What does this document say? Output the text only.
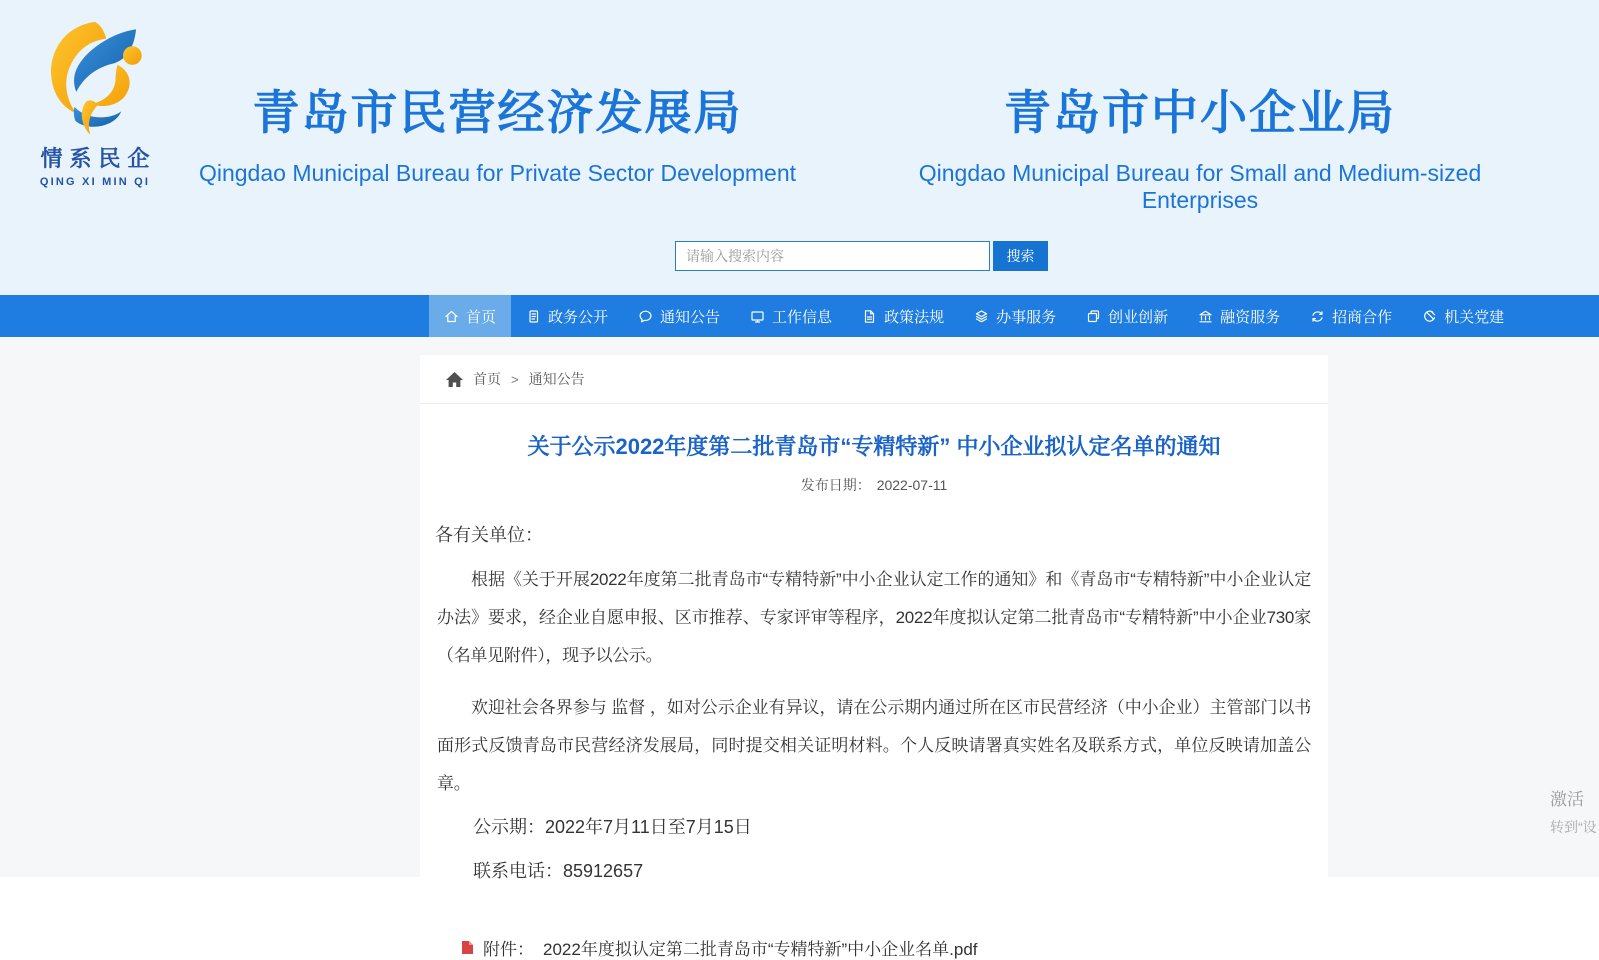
情系民企
QING XI MIN QI
青岛市民营经济发展局
Qingdao Municipal Bureau for Private Sector Development
青岛市中小企业局
Qingdao Municipal Bureau for Small and Medium-sized Enterprises
请输入搜索内容
搜索
首页	政务公开	通知公告	工作信息	政策法规	办事服务	创业创新	融资服务	招商合作	机关党建
首页 > 通知公告
关于公示2022年度第二批青岛市“专精特新” 中小企业拟认定名单的通知
发布日期： 2022-07-11

各有关单位：

根据《关于开展2022年度第二批青岛市“专精特新”中小企业认定工作的通知》和《青岛市“专精特新”中小企业认定办法》要求，经企业自愿申报、区市推荐、专家评审等程序，2022年度拟认定第二批青岛市“专精特新”中小企业730家（名单见附件），现予以公示。

欢迎社会各界参与 监督 ，如对公示企业有异议，请在公示期内通过所在区市民营经济（中小企业）主管部门以书面形式反馈青岛市民营经济发展局，同时提交相关证明材料。个人反映请署真实姓名及联系方式，单位反映请加盖公章。

公示期：2022年7月11日至7月15日

联系电话：85912657

附件： 2022年度拟认定第二批青岛市“专精特新”中小企业名单.pdf
激活
转到“设
